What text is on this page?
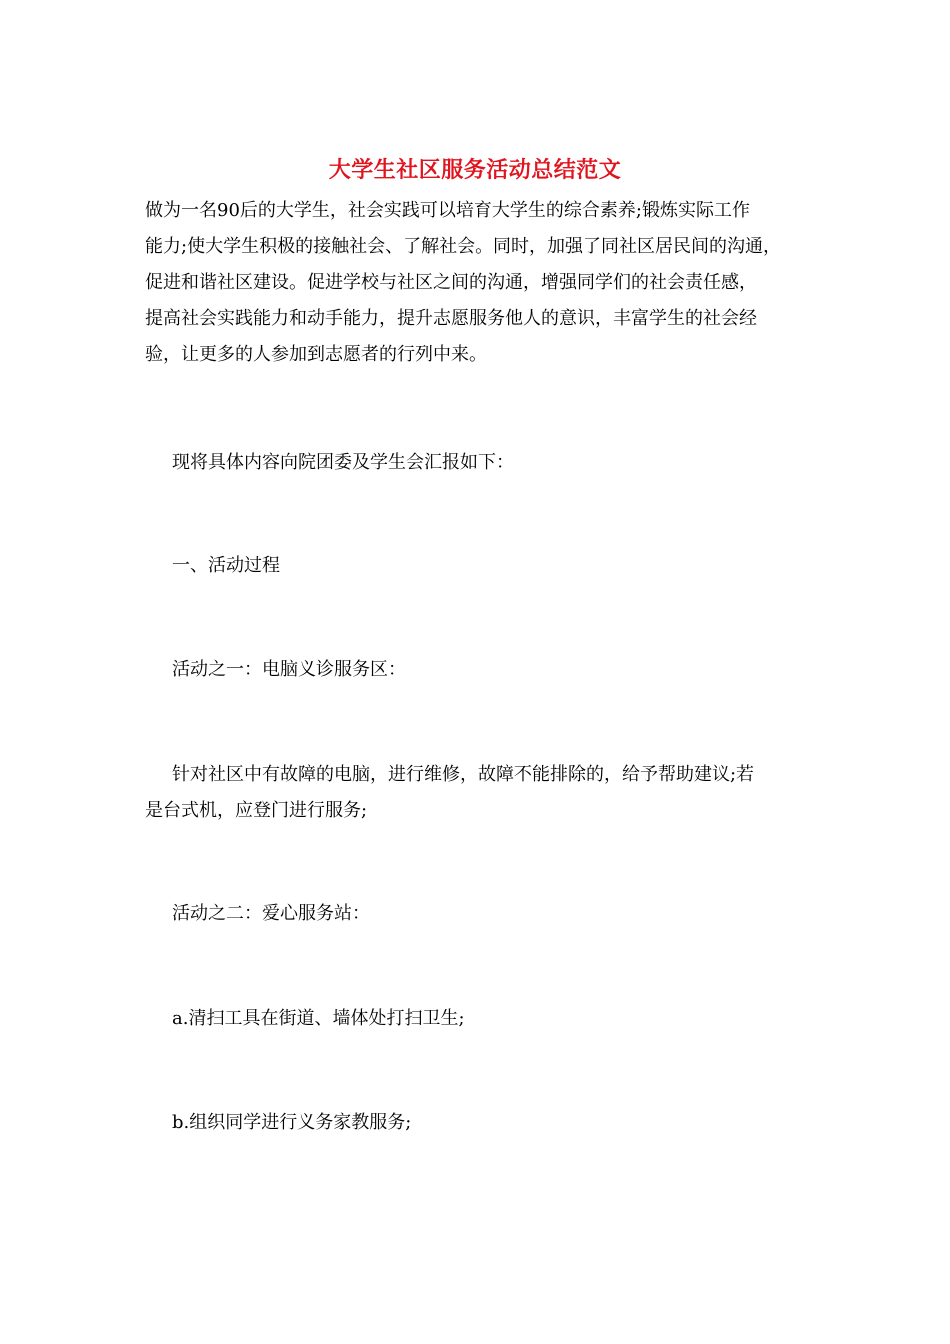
大学生社区服务活动总结范文
做为一名90后的大学生，社会实践可以培育大学生的综合素养;锻炼实际工作
能力;使大学生积极的接触社会、了解社会。同时，加强了同社区居民间的沟通，
促进和谐社区建设。促进学校与社区之间的沟通，增强同学们的社会责任感，
提高社会实践能力和动手能力，提升志愿服务他人的意识，丰富学生的社会经
验，让更多的人参加到志愿者的行列中来。
现将具体内容向院团委及学生会汇报如下：
一、活动过程
活动之一：电脑义诊服务区：
针对社区中有故障的电脑，进行维修，故障不能排除的，给予帮助建议;若
是台式机，应登门进行服务;
活动之二：爱心服务站：
a.清扫工具在街道、墙体处打扫卫生;
b.组织同学进行义务家教服务;
